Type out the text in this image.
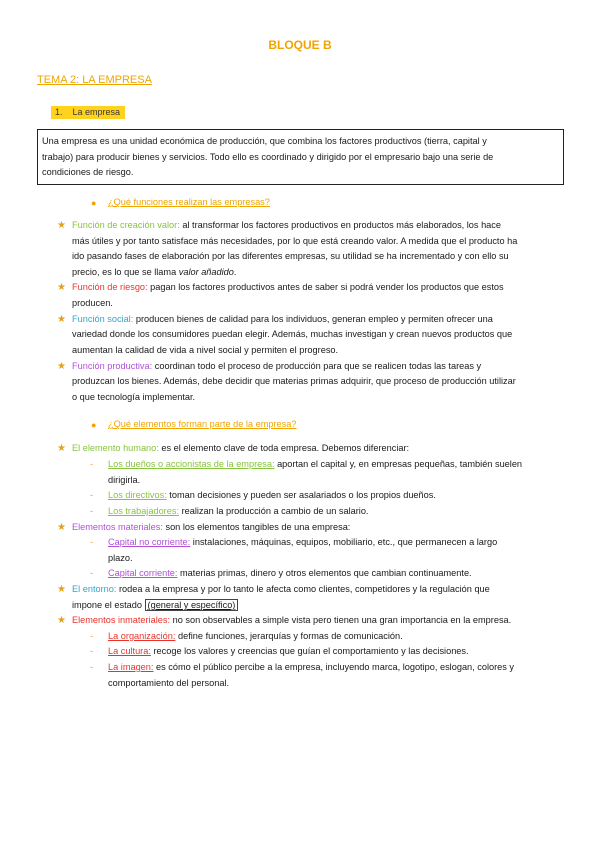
BLOQUE B
TEMA 2: LA EMPRESA
1. La empresa
Una empresa es una unidad económica de producción, que combina los factores productivos (tierra, capital y
trabajo) para producir bienes y servicios. Todo ello es coordinado y dirigido por el empresario bajo una serie de
condiciones de riesgo.
● ¿Qué funciones realizan las empresas?
★ Función de creación valor: al transformar los factores productivos en productos más elaborados, los hace
más útiles y por tanto satisface más necesidades, por lo que está creando valor. A medida que el producto ha
ido pasando fases de elaboración por las diferentes empresas, su utilidad se ha incrementado y con ello su
precio, es lo que se llama valor añadido.
★ Función de riesgo: pagan los factores productivos antes de saber si podrá vender los productos que estos
producen.
★ Función social: producen bienes de calidad para los individuos, generan empleo y permiten ofrecer una
variedad donde los consumidores puedan elegir. Además, muchas investigan y crean nuevos productos que
aumentan la calidad de vida a nivel social y permiten el progreso.
★ Función productiva: coordinan todo el proceso de producción para que se realicen todas las tareas y
produzcan los bienes. Además, debe decidir que materias primas adquirir, que proceso de producción utilizar
o que tecnología implementar.
● ¿Qué elementos forman parte de la empresa?
★ El elemento humano: es el elemento clave de toda empresa. Debemos diferenciar:
- Los dueños o accionistas de la empresa: aportan el capital y, en empresas pequeñas, también suelen
dirigirla.
- Los directivos: toman decisiones y pueden ser asalariados o los propios dueños.
- Los trabajadores: realizan la producción a cambio de un salario.
★ Elementos materiales: son los elementos tangibles de una empresa:
- Capital no corriente: instalaciones, máquinas, equipos, mobiliario, etc., que permanecen a largo
plazo.
- Capital corriente: materias primas, dinero y otros elementos que cambian continuamente.
★ El entorno: rodea a la empresa y por lo tanto le afecta como clientes, competidores y la regulación que
impone el estado (general y específico)
★ Elementos inmateriales: no son observables a simple vista pero tienen una gran importancia en la empresa.
- La organización: define funciones, jerarquías y formas de comunicación.
- La cultura: recoge los valores y creencias que guían el comportamiento y las decisiones.
- La imagen: es cómo el público percibe a la empresa, incluyendo marca, logotipo, eslogan, colores y
comportamiento del personal.
